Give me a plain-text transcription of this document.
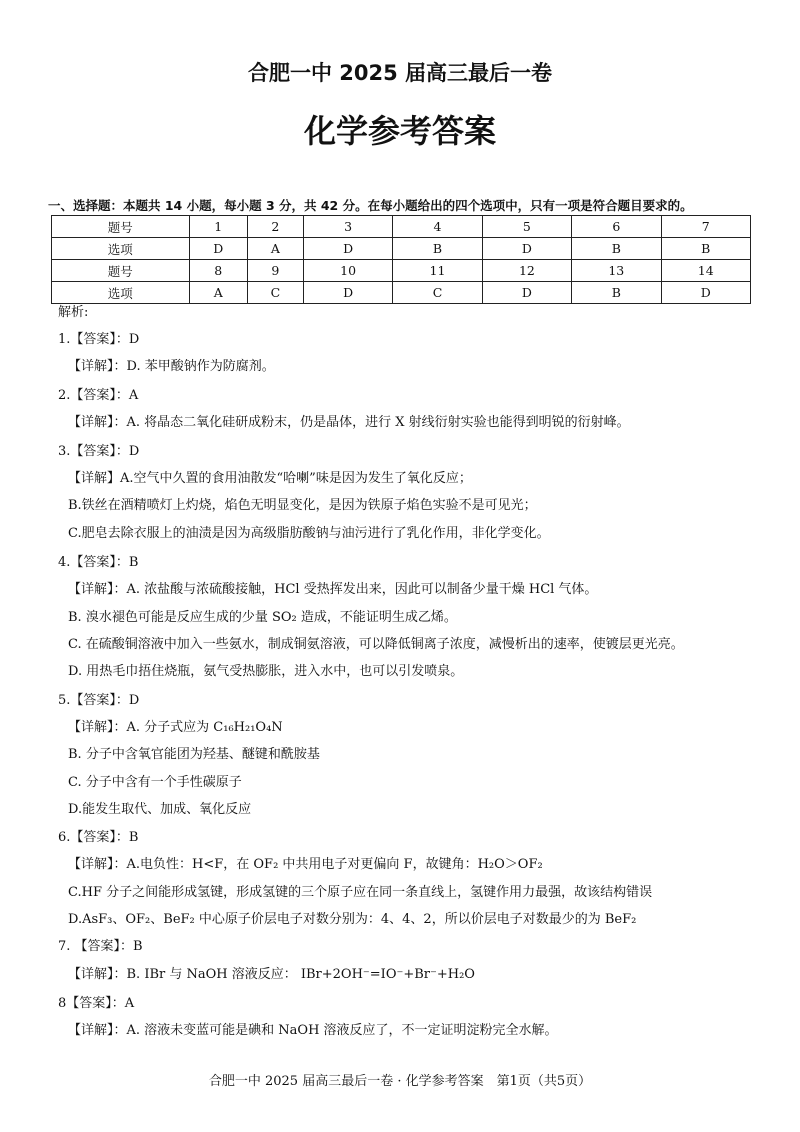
合肥一中 2025 届高三最后一卷
化学参考答案
一、选择题：本题共 14 小题，每小题 3 分，共 42 分。在每小题给出的四个选项中，只有一项是符合题目要求的。
题号	1	2	3	4	5	6	7
选项	D	A	D	B	D	B	B
题号	8	9	10	11	12	13	14
选项	A	C	D	C	D	B	D
解析:
1.【答案】：D
【详解】：D. 苯甲酸钠作为防腐剂。
2.【答案】：A
【详解】：A. 将晶态二氧化硅研成粉末，仍是晶体，进行 X 射线衍射实验也能得到明锐的衍射峰。
3.【答案】：D
【详解】A.空气中久置的食用油散发“哈喇”味是因为发生了氧化反应；
B.铁丝在酒精喷灯上灼烧，焰色无明显变化，是因为铁原子焰色实验不是可见光；
C.肥皂去除衣服上的油渍是因为高级脂肪酸钠与油污进行了乳化作用，非化学变化。
4.【答案】：B
【详解】：A. 浓盐酸与浓硫酸接触，HCl 受热挥发出来，因此可以制备少量干燥 HCl 气体。
B. 溴水褪色可能是反应生成的少量 SO₂ 造成，不能证明生成乙烯。
C. 在硫酸铜溶液中加入一些氨水，制成铜氨溶液，可以降低铜离子浓度，减慢析出的速率，使镀层更光亮。
D. 用热毛巾捂住烧瓶，氨气受热膨胀，进入水中，也可以引发喷泉。
5.【答案】：D
【详解】：A. 分子式应为 C₁₆H₂₁O₄N
B. 分子中含氧官能团为羟基、醚键和酰胺基
C. 分子中含有一个手性碳原子
D.能发生取代、加成、氧化反应
6.【答案】：B
【详解】：A.电负性：H<F，在 OF₂ 中共用电子对更偏向 F，故键角：H₂O＞OF₂
C.HF 分子之间能形成氢键，形成氢键的三个原子应在同一条直线上，氢键作用力最强，故该结构错误
D.AsF₃、OF₂、BeF₂ 中心原子价层电子对数分别为：4、4、2，所以价层电子对数最少的为 BeF₂
7. 【答案】：B
【详解】：B. IBr 与 NaOH 溶液反应： IBr+2OH⁻=IO⁻+Br⁻+H₂O
8【答案】：A
【详解】：A. 溶液未变蓝可能是碘和 NaOH 溶液反应了，不一定证明淀粉完全水解。
合肥一中 2025 届高三最后一卷 · 化学参考答案　第1页（共5页）
